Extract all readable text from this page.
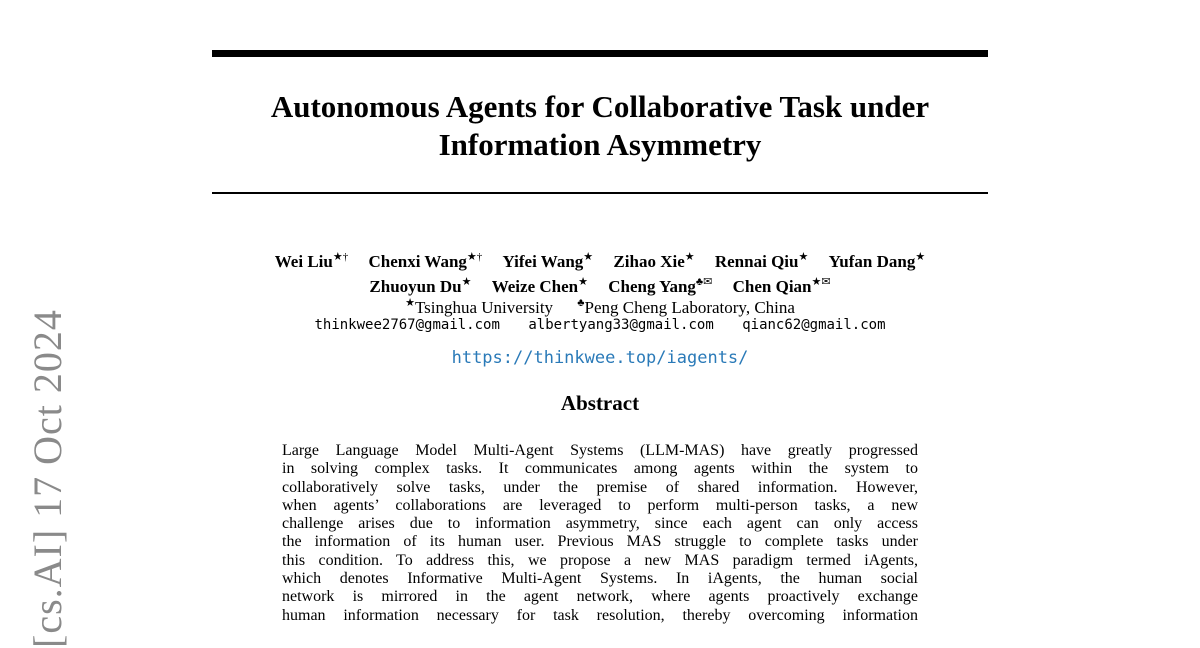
[cs.AI] 17 Oct 2024
Autonomous Agents for Collaborative Task under
Information Asymmetry
Wei Liu★† Chenxi Wang★† Yifei Wang★ Zihao Xie★ Rennai Qiu★ Yufan Dang★
Zhuoyun Du★ Weize Chen★ Cheng Yang♣✉ Chen Qian★✉
★Tsinghua University ♣Peng Cheng Laboratory, China
thinkwee2767@gmail.com albertyang33@gmail.com qianc62@gmail.com
https://thinkwee.top/iagents/
Abstract
Large Language Model Multi-Agent Systems (LLM-MAS) have greatly progressed
in solving complex tasks. It communicates among agents within the system to
collaboratively solve tasks, under the premise of shared information. However,
when agents’ collaborations are leveraged to perform multi-person tasks, a new
challenge arises due to information asymmetry, since each agent can only access
the information of its human user. Previous MAS struggle to complete tasks under
this condition. To address this, we propose a new MAS paradigm termed iAgents,
which denotes Informative Multi-Agent Systems. In iAgents, the human social
network is mirrored in the agent network, where agents proactively exchange
human information necessary for task resolution, thereby overcoming information
